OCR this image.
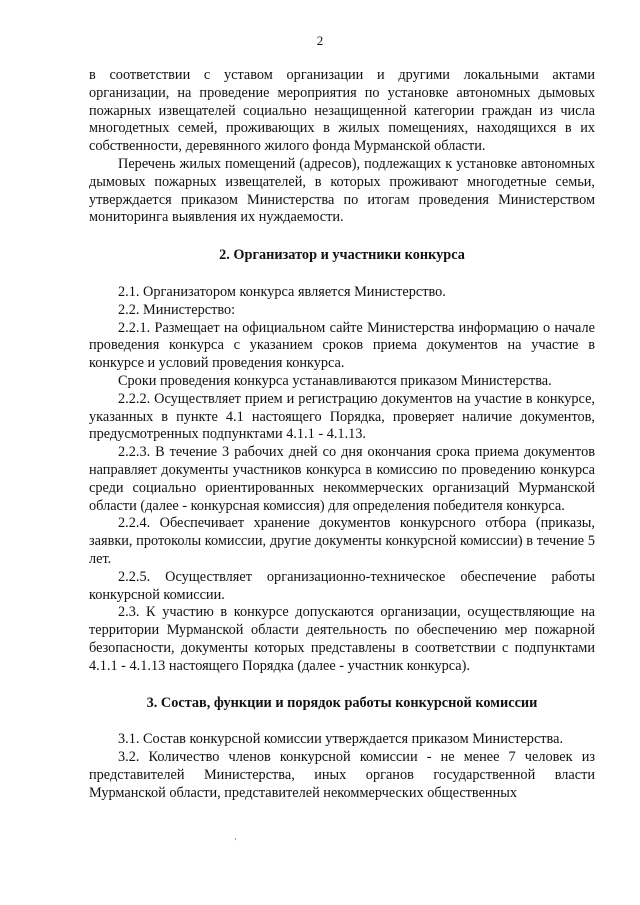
2

в соответствии с уставом организации и другими локальными актами организации, на проведение мероприятия по установке автономных дымовых пожарных извещателей социально незащищенной категории граждан из числа многодетных семей, проживающих в жилых помещениях, находящихся в их собственности, деревянного жилого фонда Мурманской области.

Перечень жилых помещений (адресов), подлежащих к установке автономных дымовых пожарных извещателей, в которых проживают многодетные семьи, утверждается приказом Министерства по итогам проведения Министерством мониторинга выявления их нуждаемости.

2. Организатор и участники конкурса

2.1. Организатором конкурса является Министерство.

2.2. Министерство:

2.2.1. Размещает на официальном сайте Министерства информацию о начале проведения конкурса с указанием сроков приема документов на участие в конкурсе и условий проведения конкурса.

Сроки проведения конкурса устанавливаются приказом Министерства.

2.2.2. Осуществляет прием и регистрацию документов на участие в конкурсе, указанных в пункте 4.1 настоящего Порядка, проверяет наличие документов, предусмотренных подпунктами 4.1.1 - 4.1.13.

2.2.3. В течение 3 рабочих дней со дня окончания срока приема документов направляет документы участников конкурса в комиссию по проведению конкурса среди социально ориентированных некоммерческих организаций Мурманской области (далее - конкурсная комиссия) для определения победителя конкурса.

2.2.4. Обеспечивает хранение документов конкурсного отбора (приказы, заявки, протоколы комиссии, другие документы конкурсной комиссии) в течение 5 лет.

2.2.5. Осуществляет организационно-техническое обеспечение работы конкурсной комиссии.

2.3. К участию в конкурсе допускаются организации, осуществляющие на территории Мурманской области деятельность по обеспечению мер пожарной безопасности, документы которых представлены в соответствии с подпунктами 4.1.1 - 4.1.13 настоящего Порядка (далее - участник конкурса).

3. Состав, функции и порядок работы конкурсной комиссии

3.1. Состав конкурсной комиссии утверждается приказом Министерства.

3.2. Количество членов конкурсной комиссии - не менее 7 человек из представителей Министерства, иных органов государственной власти Мурманской области, представителей некоммерческих общественных

˴
